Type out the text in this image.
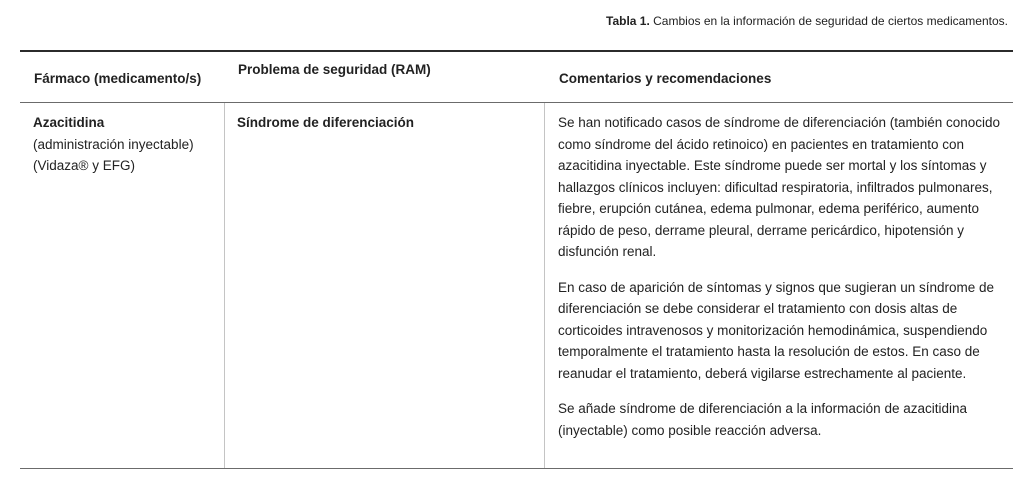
Tabla 1. Cambios en la información de seguridad de ciertos medicamentos.
Fármaco (medicamento/s)
Problema de seguridad (RAM)
Comentarios y recomendaciones
Azacitidina
(administración inyectable)
(Vidaza® y EFG)
Síndrome de diferenciación	Se han notificado casos de síndrome de diferenciación (también conocido como síndrome del ácido retinoico) en pacientes en tratamiento con azacitidina inyectable. Este síndrome puede ser mortal y los síntomas y hallazgos clínicos incluyen: dificultad respiratoria, infiltrados pulmonares, fiebre, erupción cutánea, edema pulmonar, edema periférico, aumento rápido de peso, derrame pleural, derrame pericárdico, hipotensión y disfunción renal.

En caso de aparición de síntomas y signos que sugieran un síndrome de diferenciación se debe considerar el tratamiento con dosis altas de corticoides intravenosos y monitorización hemodinámica, suspendiendo temporalmente el tratamiento hasta la resolución de estos. En caso de reanudar el tratamiento, deberá vigilarse estrechamente al paciente.

Se añade síndrome de diferenciación a la información de azacitidina (inyectable) como posible reacción adversa.
